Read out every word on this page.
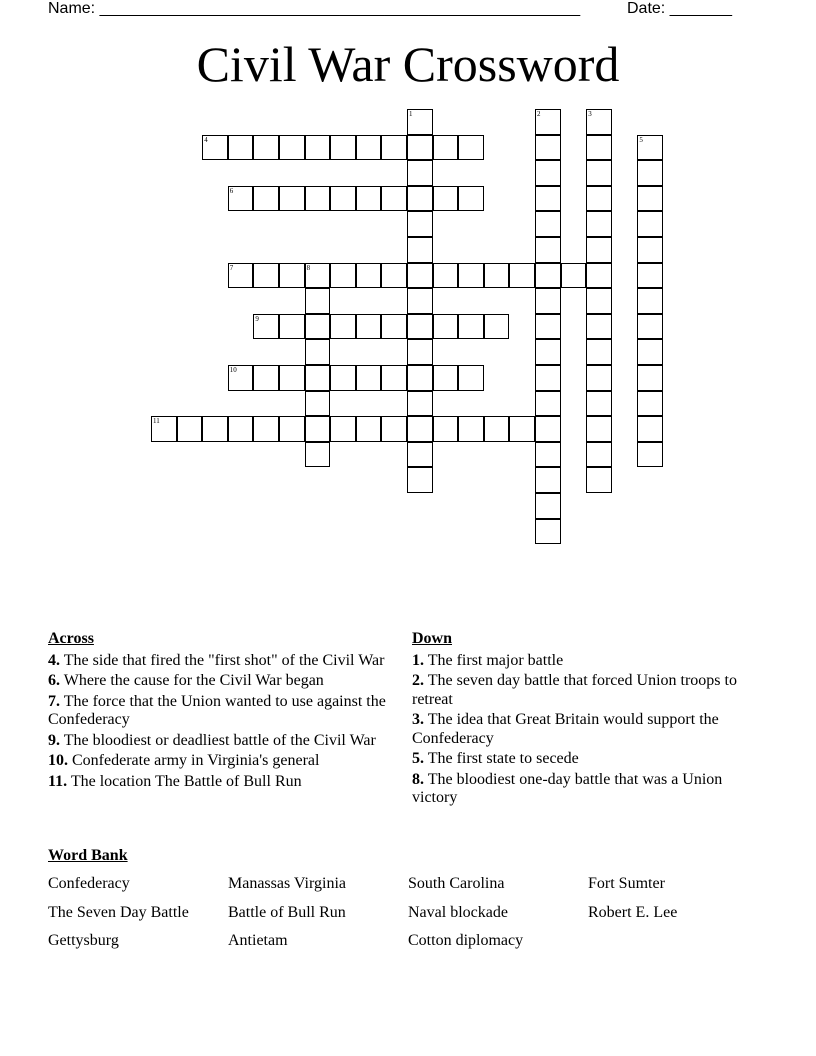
Name: ______________________________________________________	Date: _______
Civil War Crossword
1	2	3
4	5
6
7	8
9
10
11
Across
4. The side that fired the "first shot" of the Civil War
6. Where the cause for the Civil War began
7. The force that the Union wanted to use against the Confederacy
9. The bloodiest or deadliest battle of the Civil War
10. Confederate army in Virginia's general
11. The location The Battle of Bull Run
Down
1. The first major battle
2. The seven day battle that forced Union troops to retreat
3. The idea that Great Britain would support the Confederacy
5. The first state to secede
8. The bloodiest one-day battle that was a Union victory
Word Bank
Confederacy	Manassas Virginia	South Carolina	Fort Sumter
The Seven Day Battle	Battle of Bull Run	Naval blockade	Robert E. Lee
Gettysburg	Antietam	Cotton diplomacy
